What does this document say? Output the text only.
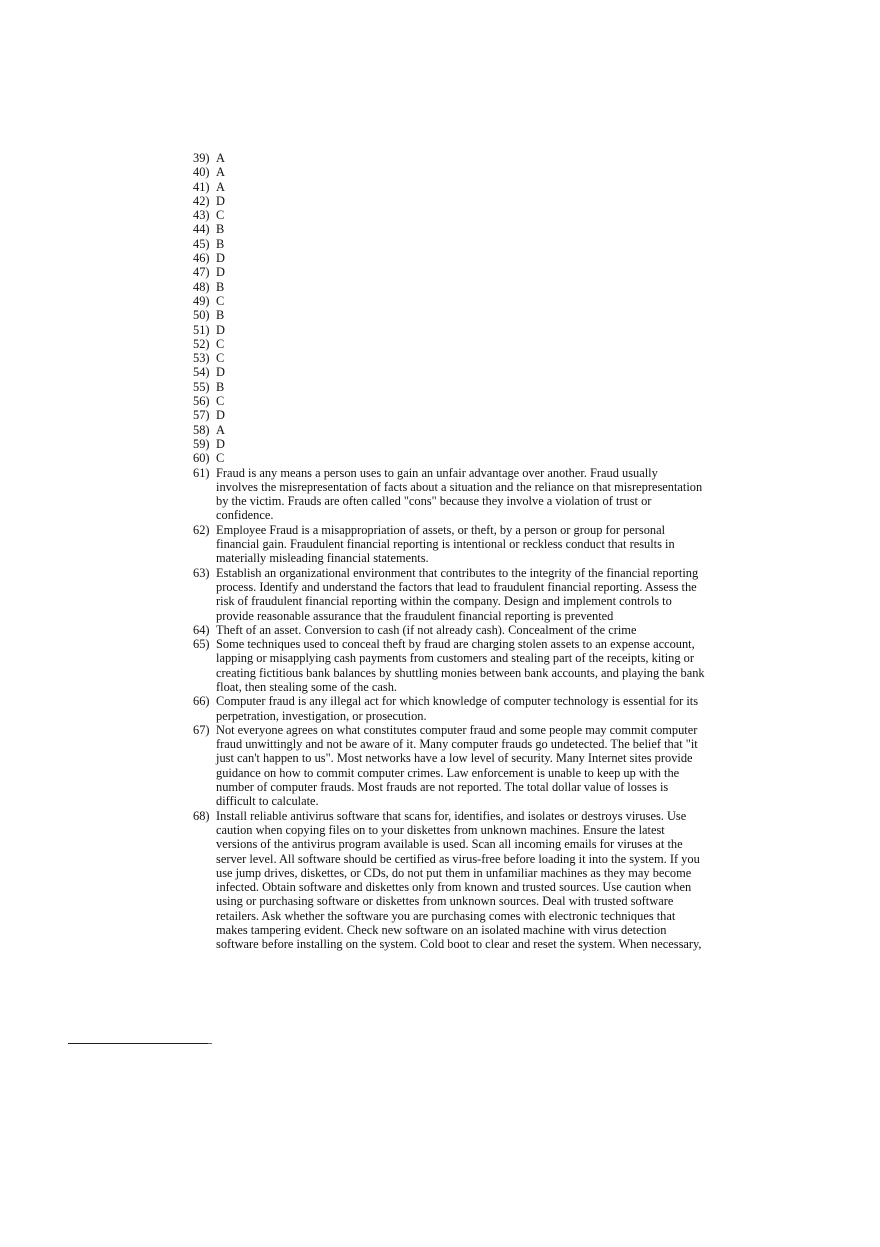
39) A
40) A
41) A
42) D
43) C
44) B
45) B
46) D
47) D
48) B
49) C
50) B
51) D
52) C
53) C
54) D
55) B
56) C
57) D
58) A
59) D
60) C
61) Fraud is any means a person uses to gain an unfair advantage over another. Fraud usually
involves the misrepresentation of facts about a situation and the reliance on that misrepresentation
by the victim. Frauds are often called "cons" because they involve a violation of trust or
confidence.
62) Employee Fraud is a misappropriation of assets, or theft, by a person or group for personal
financial gain. Fraudulent financial reporting is intentional or reckless conduct that results in
materially misleading financial statements.
63) Establish an organizational environment that contributes to the integrity of the financial reporting
process. Identify and understand the factors that lead to fraudulent financial reporting. Assess the
risk of fraudulent financial reporting within the company. Design and implement controls to
provide reasonable assurance that the fraudulent financial reporting is prevented
64) Theft of an asset. Conversion to cash (if not already cash). Concealment of the crime
65) Some techniques used to conceal theft by fraud are charging stolen assets to an expense account,
lapping or misapplying cash payments from customers and stealing part of the receipts, kiting or
creating fictitious bank balances by shuttling monies between bank accounts, and playing the bank
float, then stealing some of the cash.
66) Computer fraud is any illegal act for which knowledge of computer technology is essential for its
perpetration, investigation, or prosecution.
67) Not everyone agrees on what constitutes computer fraud and some people may commit computer
fraud unwittingly and not be aware of it. Many computer frauds go undetected. The belief that "it
just can't happen to us". Most networks have a low level of security. Many Internet sites provide
guidance on how to commit computer crimes. Law enforcement is unable to keep up with the
number of computer frauds. Most frauds are not reported. The total dollar value of losses is
difficult to calculate.
68) Install reliable antivirus software that scans for, identifies, and isolates or destroys viruses. Use
caution when copying files on to your diskettes from unknown machines. Ensure the latest
versions of the antivirus program available is used. Scan all incoming emails for viruses at the
server level. All software should be certified as virus-free before loading it into the system. If you
use jump drives, diskettes, or CDs, do not put them in unfamiliar machines as they may become
infected. Obtain software and diskettes only from known and trusted sources. Use caution when
using or purchasing software or diskettes from unknown sources. Deal with trusted software
retailers. Ask whether the software you are purchasing comes with electronic techniques that
makes tampering evident. Check new software on an isolated machine with virus detection
software before installing on the system. Cold boot to clear and reset the system. When necessary,
